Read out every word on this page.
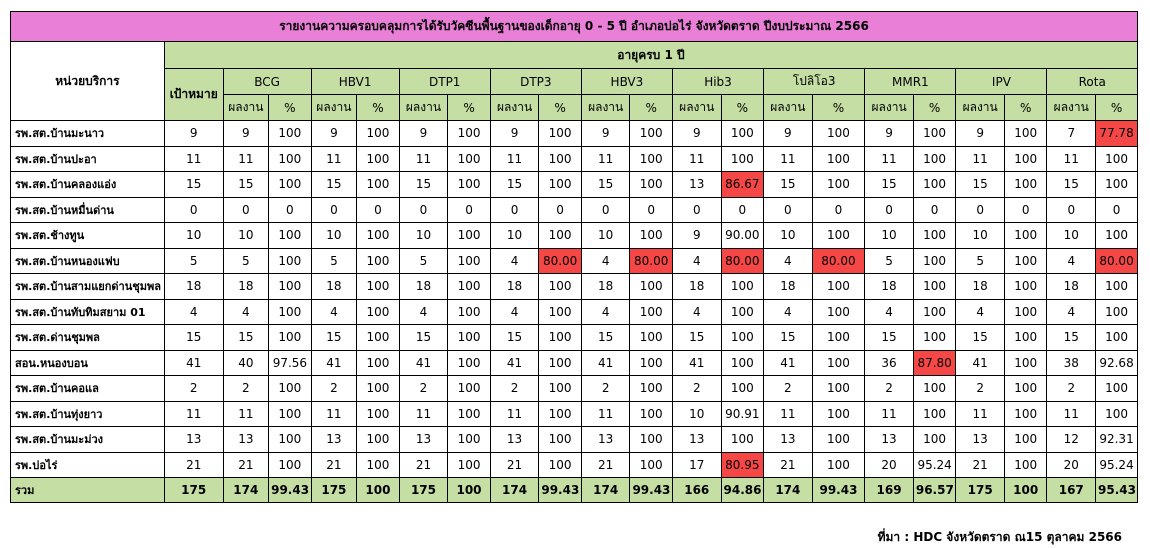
รายงานความครอบคลุมการได้รับวัคซีนพื้นฐานของเด็กอายุ 0 - 5 ปี อำเภอบ่อไร่ จังหวัดตราด ปีงบประมาณ 2566																					
หน่วยบริการ	อายุครบ 1 ปี																				
	เป้าหมาย	BCG		HBV1		DTP1		DTP3		HBV3		Hib3		โปลิโอ3		MMR1		IPV		Rota	
		ผลงาน	%	ผลงาน	%	ผลงาน	%	ผลงาน	%	ผลงาน	%	ผลงาน	%	ผลงาน	%	ผลงาน	%	ผลงาน	%	ผลงาน	%
รพ.สต.บ้านมะนาว	9	9	100	9	100	9	100	9	100	9	100	9	100	9	100	9	100	9	100	7	77.78
รพ.สต.บ้านปะอา	11	11	100	11	100	11	100	11	100	11	100	11	100	11	100	11	100	11	100	11	100
รพ.สต.บ้านคลองแอ่ง	15	15	100	15	100	15	100	15	100	15	100	13	86.67	15	100	15	100	15	100	15	100
รพ.สต.บ้านหมื่นด่าน	0	0	0	0	0	0	0	0	0	0	0	0	0	0	0	0	0	0	0	0	0
รพ.สต.ช้างทูน	10	10	100	10	100	10	100	10	100	10	100	9	90.00	10	100	10	100	10	100	10	100
รพ.สต.บ้านหนองแฟบ	5	5	100	5	100	5	100	4	80.00	4	80.00	4	80.00	4	80.00	5	100	5	100	4	80.00
รพ.สต.บ้านสามแยกด่านชุมพล	18	18	100	18	100	18	100	18	100	18	100	18	100	18	100	18	100	18	100	18	100
รพ.สต.บ้านทับทิมสยาม 01	4	4	100	4	100	4	100	4	100	4	100	4	100	4	100	4	100	4	100	4	100
รพ.สต.ด่านชุมพล	15	15	100	15	100	15	100	15	100	15	100	15	100	15	100	15	100	15	100	15	100
สอน.หนองบอน	41	40	97.56	41	100	41	100	41	100	41	100	41	100	41	100	36	87.80	41	100	38	92.68
รพ.สต.บ้านคอแล	2	2	100	2	100	2	100	2	100	2	100	2	100	2	100	2	100	2	100	2	100
รพ.สต.บ้านทุ่งยาว	11	11	100	11	100	11	100	11	100	11	100	10	90.91	11	100	11	100	11	100	11	100
รพ.สต.บ้านมะม่วง	13	13	100	13	100	13	100	13	100	13	100	13	100	13	100	13	100	13	100	12	92.31
รพ.บ่อไร่	21	21	100	21	100	21	100	21	100	21	100	17	80.95	21	100	20	95.24	21	100	20	95.24
รวม	175	174	99.43	175	100	175	100	174	99.43	174	99.43	166	94.86	174	99.43	169	96.57	175	100	167	95.43
ที่มา : HDC จังหวัดตราด ณ15 ตุลาคม 2566
